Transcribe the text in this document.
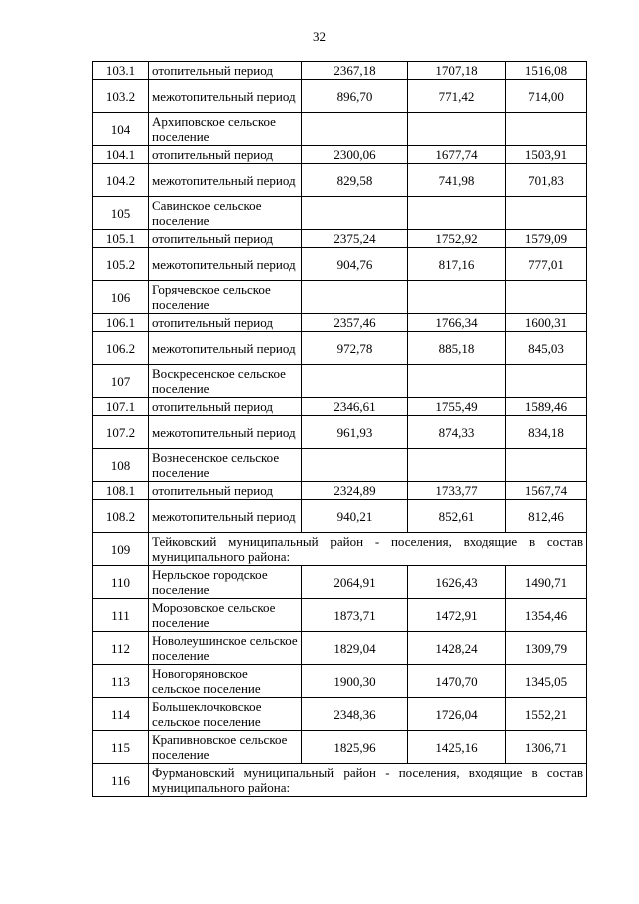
32
103.1	отопительный период	2367,18	1707,18	1516,08
103.2	межотопительный период	896,70	771,42	714,00
104	Архиповское сельское поселение			
104.1	отопительный период	2300,06	1677,74	1503,91
104.2	межотопительный период	829,58	741,98	701,83
105	Савинское сельское поселение			
105.1	отопительный период	2375,24	1752,92	1579,09
105.2	межотопительный период	904,76	817,16	777,01
106	Горячевское сельское поселение			
106.1	отопительный период	2357,46	1766,34	1600,31
106.2	межотопительный период	972,78	885,18	845,03
107	Воскресенское сельское поселение			
107.1	отопительный период	2346,61	1755,49	1589,46
107.2	межотопительный период	961,93	874,33	834,18
108	Вознесенское сельское поселение			
108.1	отопительный период	2324,89	1733,77	1567,74
108.2	межотопительный период	940,21	852,61	812,46
109	Тейковский муниципальный район - поселения, входящие в состав муниципального района:			
110	Нерльское городское поселение	2064,91	1626,43	1490,71
111	Морозовское сельское поселение	1873,71	1472,91	1354,46
112	Новолеушинское сельское поселение	1829,04	1428,24	1309,79
113	Новогоряновское сельское поселение	1900,30	1470,70	1345,05
114	Большеклочковское сельское поселение	2348,36	1726,04	1552,21
115	Крапивновское сельское поселение	1825,96	1425,16	1306,71
116	Фурмановский муниципальный район - поселения, входящие в состав муниципального района:			
